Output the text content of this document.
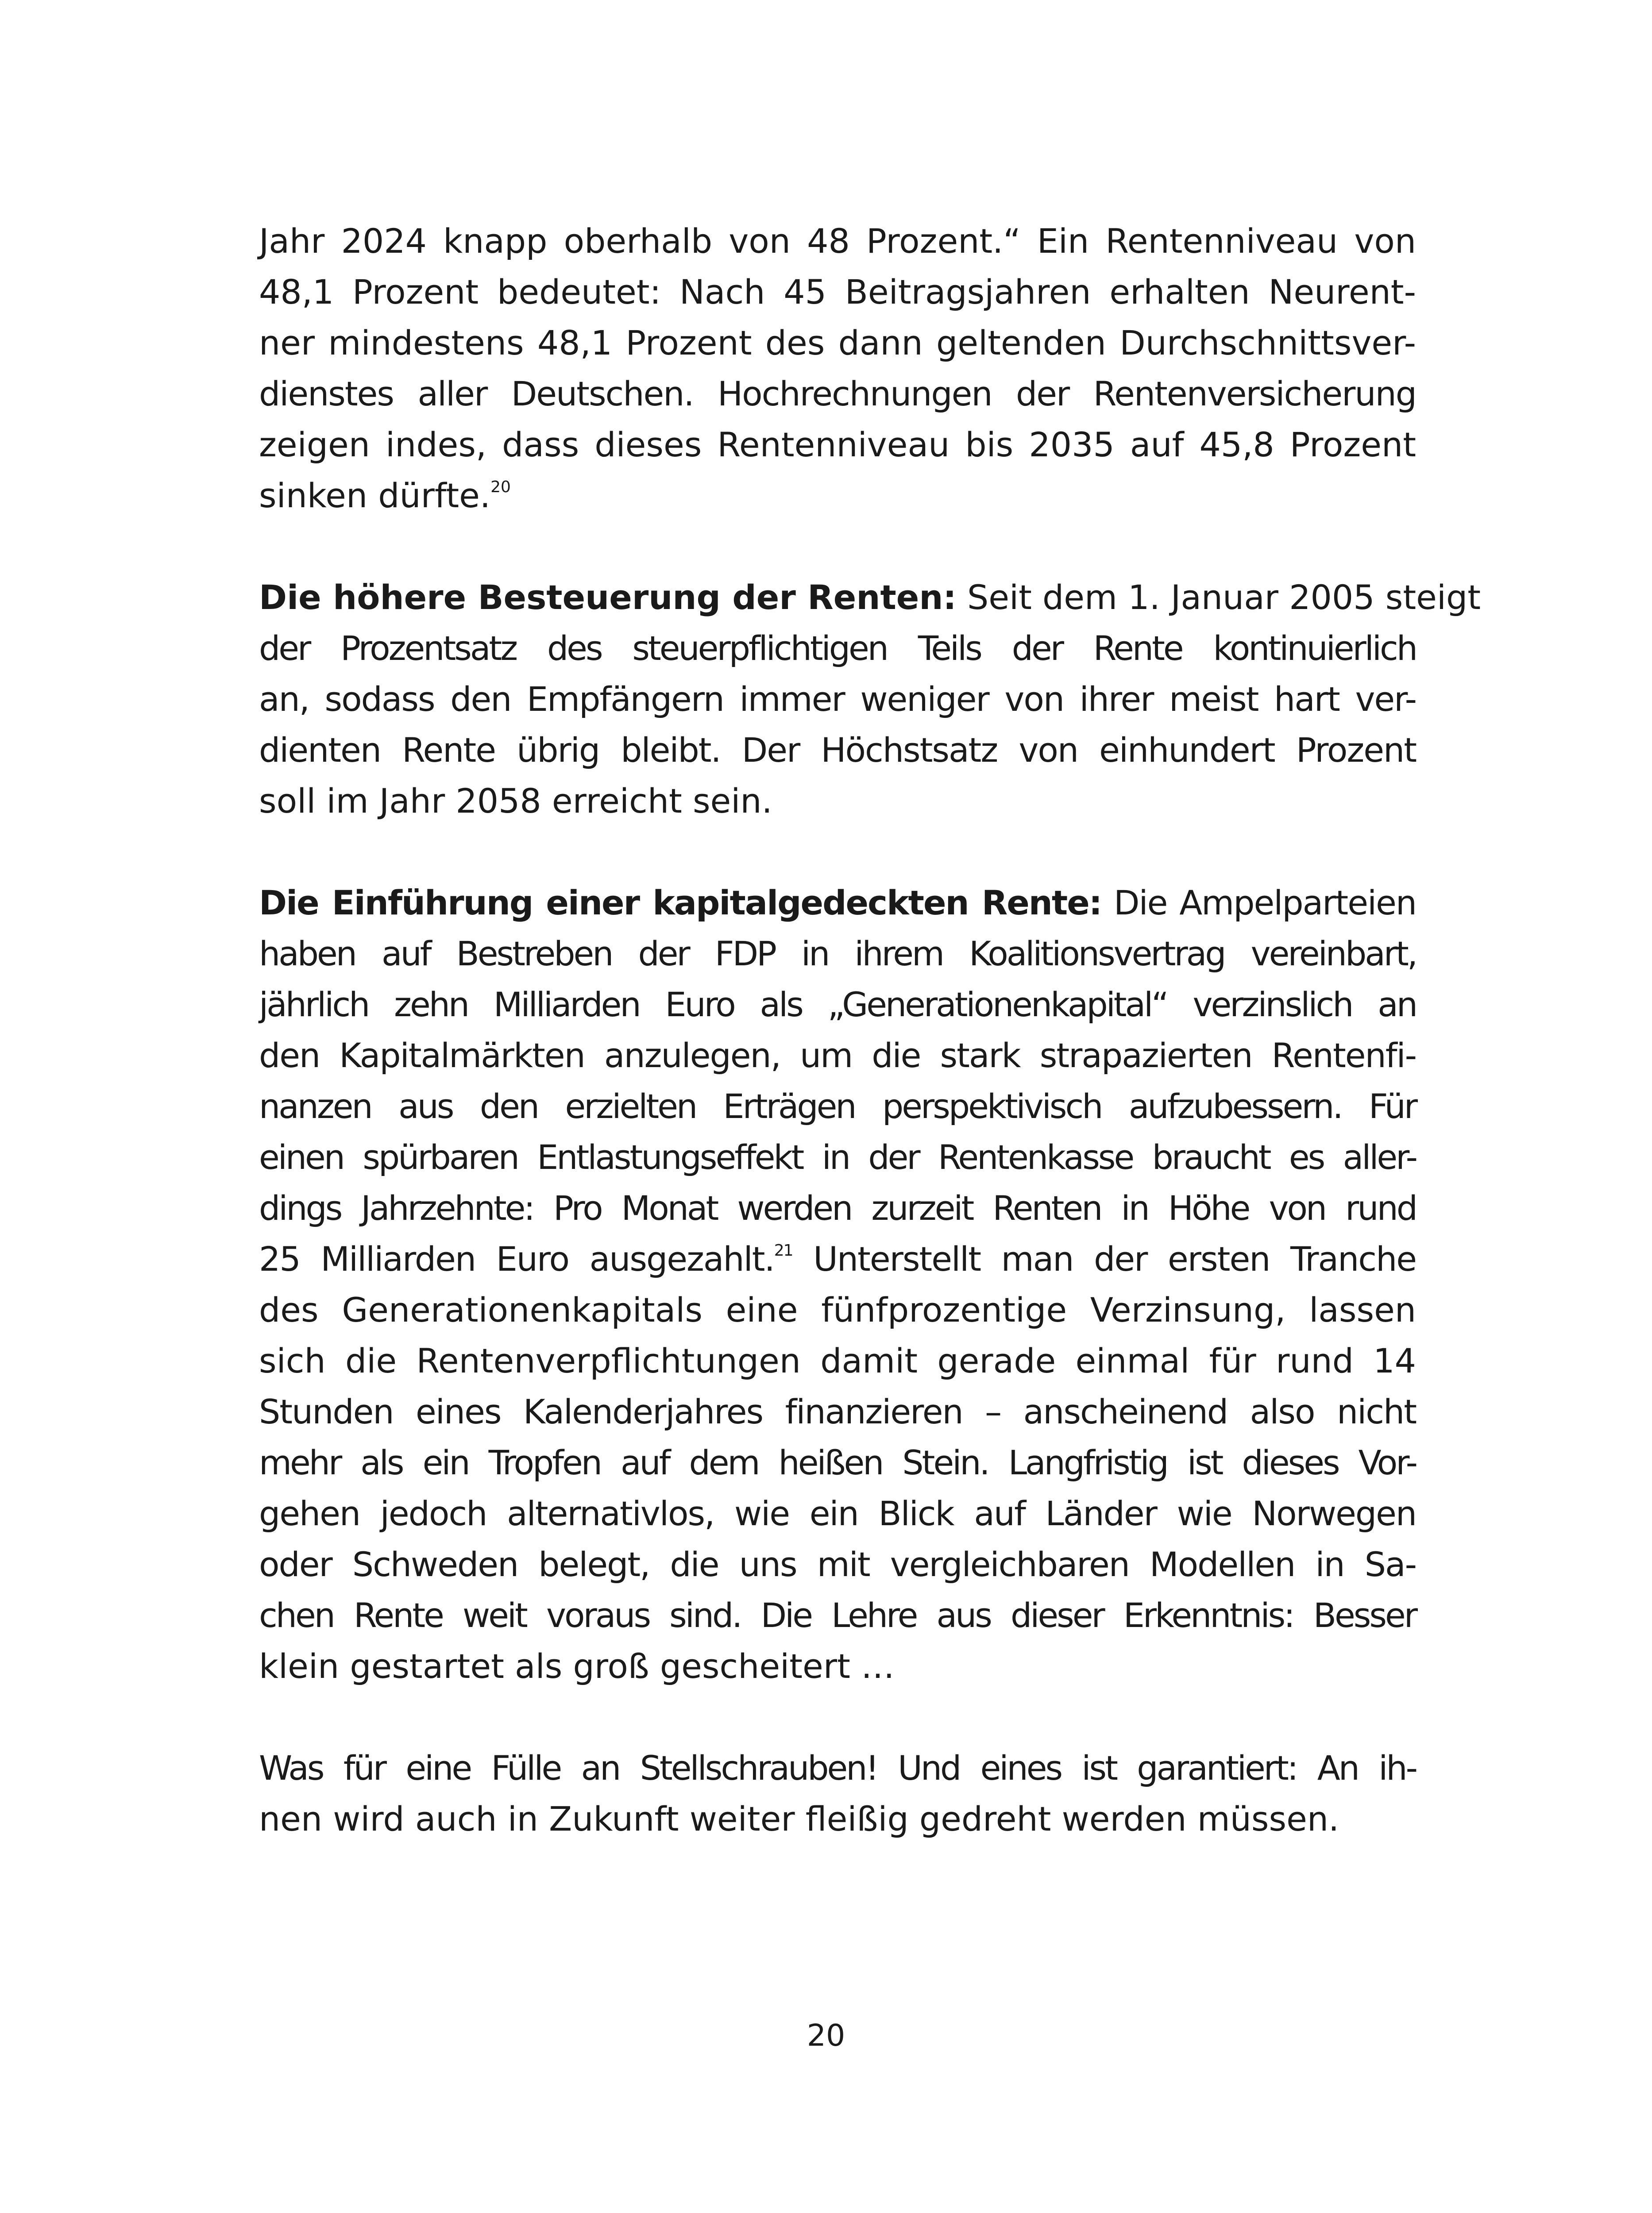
Jahr 2024 knapp oberhalb von 48 Prozent.“ Ein Rentenniveau von
48,1 Prozent bedeutet: Nach 45 Beitragsjahren erhalten Neurent-
ner mindestens 48,1 Prozent des dann geltenden Durchschnittsver-
dienstes aller Deutschen. Hochrechnungen der Rentenversicherung
zeigen indes, dass dieses Rentenniveau bis 2035 auf 45,8 Prozent
sinken dürfte.$^{20}$
Die höhere Besteuerung der Renten: Seit dem 1. Januar 2005 steigt
der Prozentsatz des steuerpflichtigen Teils der Rente kontinuierlich
an, sodass den Empfängern immer weniger von ihrer meist hart ver-
dienten Rente übrig bleibt. Der Höchstsatz von einhundert Prozent
soll im Jahr 2058 erreicht sein.
Die Einführung einer kapitalgedeckten Rente: Die Ampelparteien
haben auf Bestreben der FDP in ihrem Koalitionsvertrag vereinbart,
jährlich zehn Milliarden Euro als „Generationenkapital“ verzinslich an
den Kapitalmärkten anzulegen, um die stark strapazierten Rentenfi-
nanzen aus den erzielten Erträgen perspektivisch aufzubessern. Für
einen spürbaren Entlastungseffekt in der Rentenkasse braucht es aller-
dings Jahrzehnte: Pro Monat werden zurzeit Renten in Höhe von rund
25 Milliarden Euro ausgezahlt.$^{21}$ Unterstellt man der ersten Tranche
des Generationenkapitals eine fünfprozentige Verzinsung, lassen
sich die Rentenverpflichtungen damit gerade einmal für rund 14
Stunden eines Kalenderjahres finanzieren – anscheinend also nicht
mehr als ein Tropfen auf dem heißen Stein. Langfristig ist dieses Vor-
gehen jedoch alternativlos, wie ein Blick auf Länder wie Norwegen
oder Schweden belegt, die uns mit vergleichbaren Modellen in Sa-
chen Rente weit voraus sind. Die Lehre aus dieser Erkenntnis: Besser
klein gestartet als groß gescheitert …
Was für eine Fülle an Stellschrauben! Und eines ist garantiert: An ih-
nen wird auch in Zukunft weiter fleißig gedreht werden müssen.
20
